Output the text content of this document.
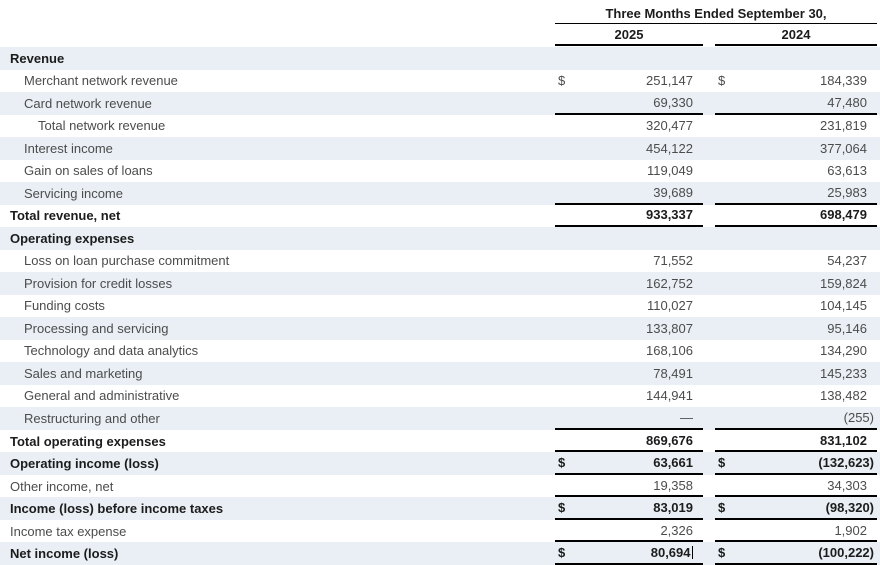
Three Months Ended September 30,
2025	2024
Revenue
Merchant network revenue	$	251,147 $	184,339
Card network revenue	69,330	47,480
Total network revenue	320,477	231,819
Interest income	454,122	377,064
Gain on sales of loans	119,049	63,613
Servicing income	39,689	25,983
Total revenue, net	933,337	698,479
Operating expenses
Loss on loan purchase commitment	71,552	54,237
Provision for credit losses	162,752	159,824
Funding costs	110,027	104,145
Processing and servicing	133,807	95,146
Technology and data analytics	168,106	134,290
Sales and marketing	78,491	145,233
General and administrative	144,941	138,482
Restructuring and other	—	(255)
Total operating expenses	869,676	831,102
Operating income (loss)	$	63,661 $	(132,623)
Other income, net	19,358	34,303
Income (loss) before income taxes	$	83,019 $	(98,320)
Income tax expense	2,326	1,902
Net income (loss)	$	80,694 $	(100,222)
